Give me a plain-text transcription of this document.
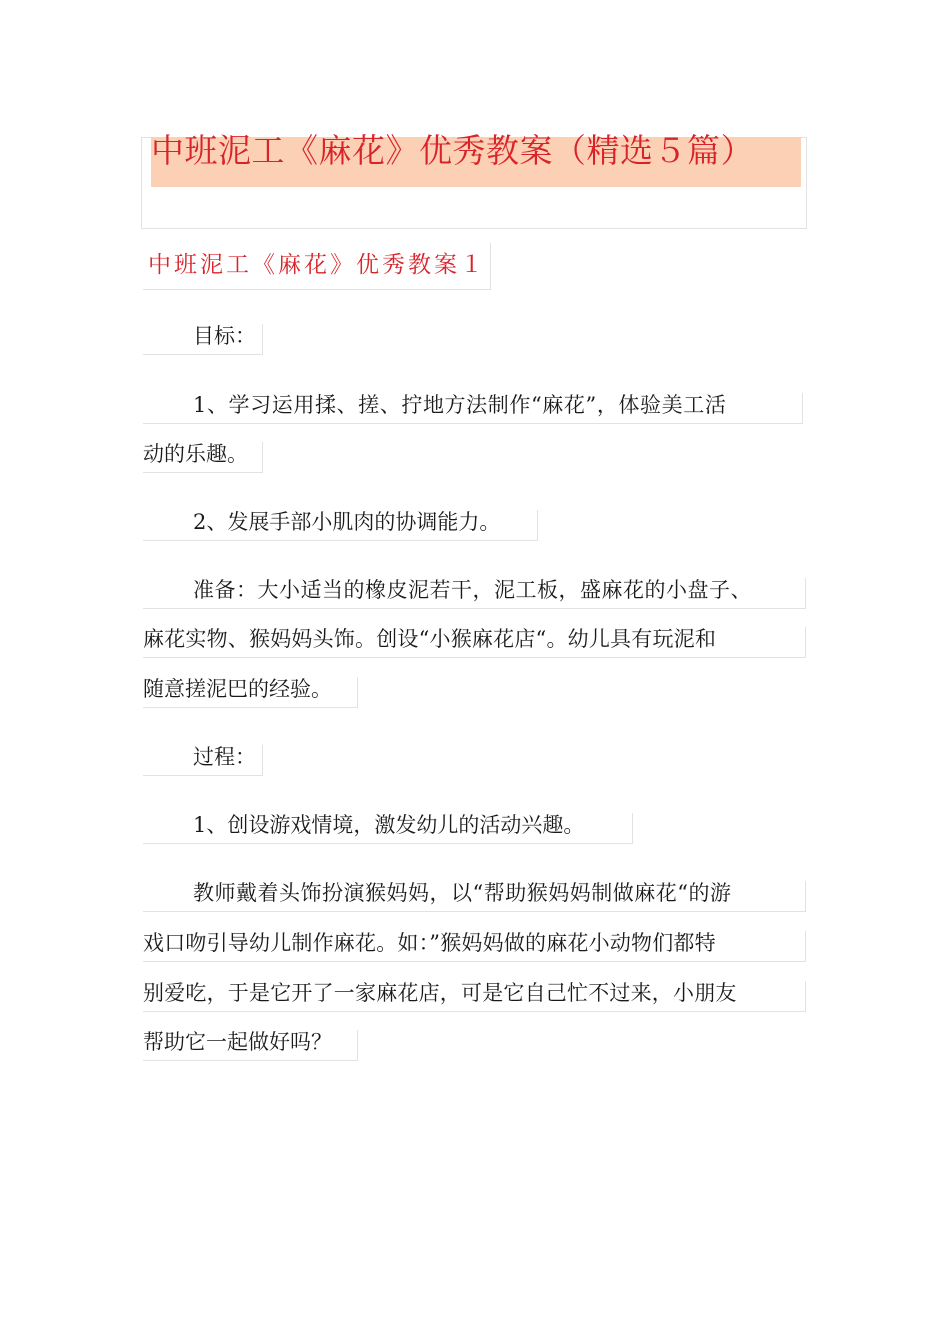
中班泥工《麻花》优秀教案（精选５篇）
中班泥工《麻花》优秀教案１
目标：
1、学习运用揉、搓、拧地方法制作“麻花”，体验美工活
动的乐趣。
2、发展手部小肌肉的协调能力。
准备：大小适当的橡皮泥若干，泥工板，盛麻花的小盘子、
麻花实物、猴妈妈头饰。创设“小猴麻花店“。幼儿具有玩泥和
随意搓泥巴的经验。
过程：
1、创设游戏情境，激发幼儿的活动兴趣。
教师戴着头饰扮演猴妈妈，以“帮助猴妈妈制做麻花“的游
戏口吻引导幼儿制作麻花。如：”猴妈妈做的麻花小动物们都特
别爱吃，于是它开了一家麻花店，可是它自己忙不过来，小朋友
帮助它一起做好吗？
